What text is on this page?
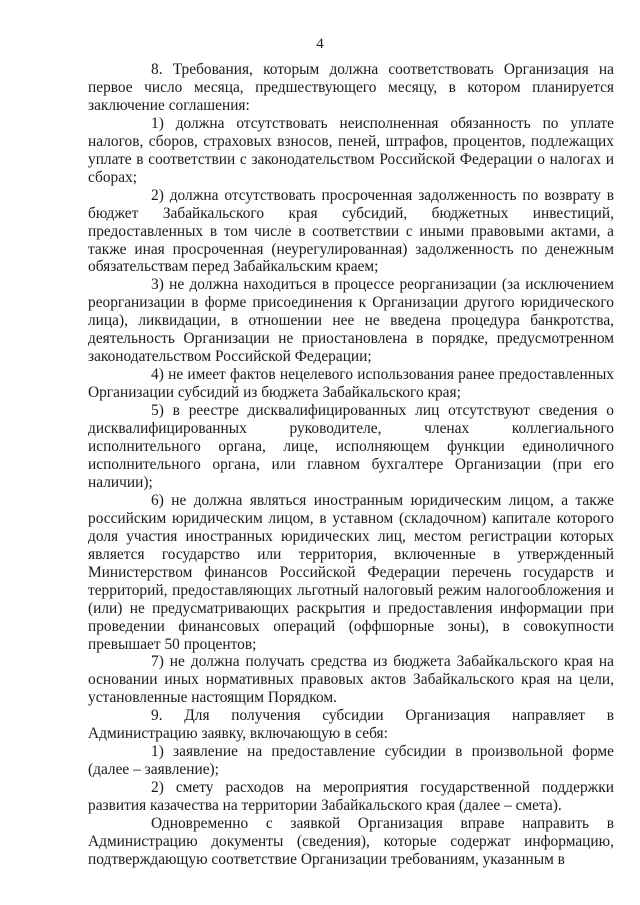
4

8. Требования, которым должна соответствовать Организация на первое число месяца, предшествующего месяцу, в котором планируется заключение соглашения:

1) должна отсутствовать неисполненная обязанность по уплате налогов, сборов, страховых взносов, пеней, штрафов, процентов, подлежащих уплате в соответствии с законодательством Российской Федерации о налогах и сборах;

2) должна отсутствовать просроченная задолженность по возврату в бюджет Забайкальского края субсидий, бюджетных инвестиций, предоставленных в том числе в соответствии с иными правовыми актами, а также иная просроченная (неурегулированная) задолженность по денежным обязательствам перед Забайкальским краем;

3) не должна находиться в процессе реорганизации (за исключением реорганизации в форме присоединения к Организации другого юридического лица), ликвидации, в отношении нее не введена процедура банкротства, деятельность Организации не приостановлена в порядке, предусмотренном законодательством Российской Федерации;

4) не имеет фактов нецелевого использования ранее предоставленных Организации субсидий из бюджета Забайкальского края;

5) в реестре дисквалифицированных лиц отсутствуют сведения о дисквалифицированных руководителе, членах коллегиального исполнительного органа, лице, исполняющем функции единоличного исполнительного органа, или главном бухгалтере Организации (при его наличии);

6) не должна являться иностранным юридическим лицом, а также российским юридическим лицом, в уставном (складочном) капитале которого доля участия иностранных юридических лиц, местом регистрации которых является государство или территория, включенные в утвержденный Министерством финансов Российской Федерации перечень государств и территорий, предоставляющих льготный налоговый режим налогообложения и (или) не предусматривающих раскрытия и предоставления информации при проведении финансовых операций (оффшорные зоны), в совокупности превышает 50 процентов;

7) не должна получать средства из бюджета Забайкальского края на основании иных нормативных правовых актов Забайкальского края на цели, установленные настоящим Порядком.

9. Для получения субсидии Организация направляет в Администрацию заявку, включающую в себя:

1) заявление на предоставление субсидии в произвольной форме (далее – заявление);

2) смету расходов на мероприятия государственной поддержки развития казачества на территории Забайкальского края (далее – смета).

Одновременно с заявкой Организация вправе направить в Администрацию документы (сведения), которые содержат информацию, подтверждающую соответствие Организации требованиям, указанным в
